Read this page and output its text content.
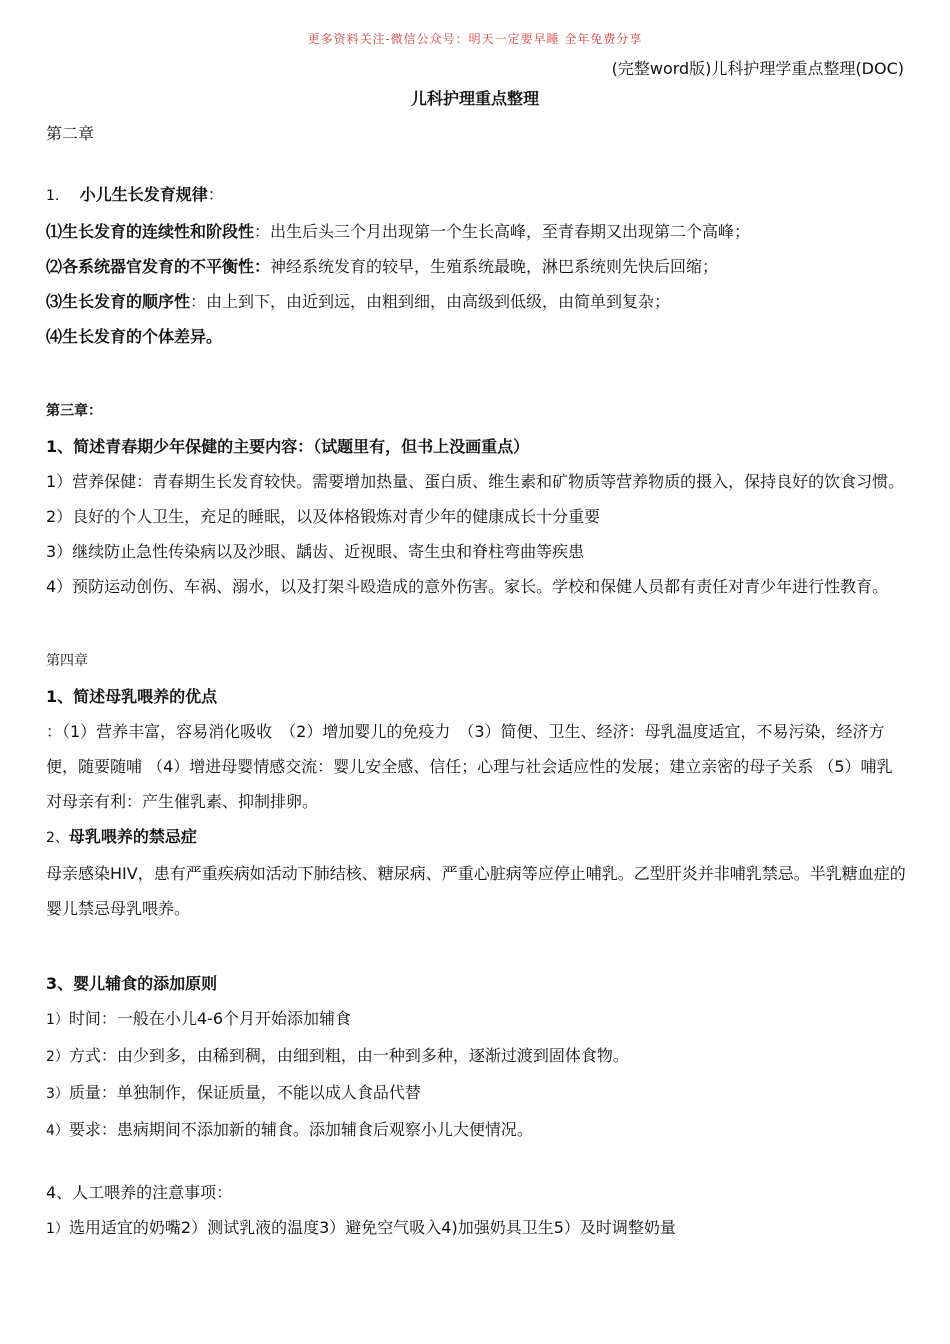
更多资料关注-微信公众号：明天一定要早睡 全年免费分享
(完整word版)儿科护理学重点整理(DOC)
儿科护理重点整理
第二章
1. 小儿生长发育规律：
⑴生长发育的连续性和阶段性：出生后头三个月出现第一个生长高峰，至青春期又出现第二个高峰；
⑵各系统器官发育的不平衡性：神经系统发育的较早，生殖系统最晚，淋巴系统则先快后回缩；
⑶生长发育的顺序性：由上到下，由近到远，由粗到细，由高级到低级，由简单到复杂；
⑷生长发育的个体差异。
第三章：
1、简述青春期少年保健的主要内容：（试题里有，但书上没画重点）
1）营养保健：青春期生长发育较快。需要增加热量、蛋白质、维生素和矿物质等营养物质的摄入，保持良好的饮食习惯。
2）良好的个人卫生，充足的睡眠，以及体格锻炼对青少年的健康成长十分重要
3）继续防止急性传染病以及沙眼、龋齿、近视眼、寄生虫和脊柱弯曲等疾患
4）预防运动创伤、车祸、溺水，以及打架斗殴造成的意外伤害。家长。学校和保健人员都有责任对青少年进行性教育。
第四章
1、简述母乳喂养的优点
：（1）营养丰富，容易消化吸收　（2）增加婴儿的免疫力　（3）简便、卫生、经济：母乳温度适宜，不易污染，经济方便，随要随哺 （4）增进母婴情感交流：婴儿安全感、信任；心理与社会适应性的发展；建立亲密的母子关系 （5）哺乳对母亲有利：产生催乳素、抑制排卵。
2、母乳喂养的禁忌症
母亲感染HIV，患有严重疾病如活动下肺结核、糖尿病、严重心脏病等应停止哺乳。乙型肝炎并非哺乳禁忌。半乳糖血症的婴儿禁忌母乳喂养。
3、婴儿辅食的添加原则
1）时间：一般在小儿4-6个月开始添加辅食
2）方式：由少到多，由稀到稠，由细到粗，由一种到多种，逐渐过渡到固体食物。
3）质量：单独制作，保证质量，不能以成人食品代替
4）要求：患病期间不添加新的辅食。添加辅食后观察小儿大便情况。
4、人工喂养的注意事项：
1）选用适宜的奶嘴2）测试乳液的温度3）避免空气吸入4)加强奶具卫生5）及时调整奶量
